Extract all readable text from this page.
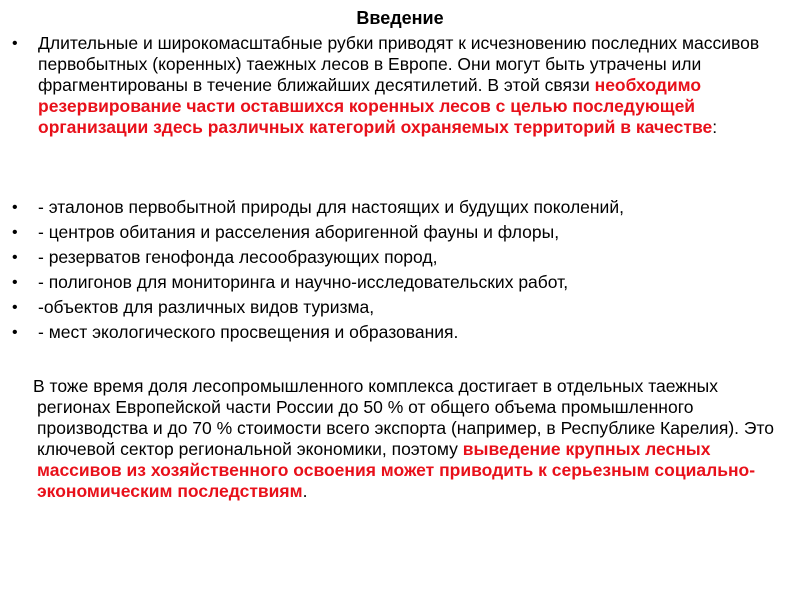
Введение
•	Длительные и широкомасштабные рубки приводят к исчезновению последних массивов первобытных (коренных) таежных лесов в Европе. Они могут быть утрачены или фрагментированы в течение ближайших десятилетий. В этой связи необходимо резервирование части оставшихся коренных лесов с целью последующей организации здесь различных категорий охраняемых территорий в качестве:
•	- эталонов первобытной природы для настоящих и будущих поколений,
•	- центров обитания и расселения аборигенной фауны и флоры,
•	- резерватов генофонда лесообразующих пород,
•	- полигонов для мониторинга и научно-исследовательских работ,
•	-объектов для различных видов туризма,
•	- мест экологического просвещения и образования.
В тоже время доля лесопромышленного комплекса достигает в отдельных таежных регионах Европейской части России до 50 % от общего объема промышленного производства и до 70 % стоимости всего экспорта (например, в Республике Карелия). Это ключевой сектор региональной экономики, поэтому выведение крупных лесных массивов из хозяйственного освоения может приводить к серьезным социально-экономическим последствиям.
